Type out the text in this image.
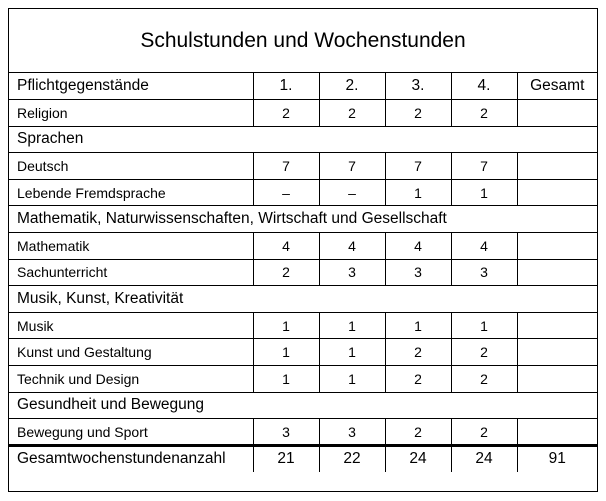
Schulstunden und Wochenstunden
Pflichtgegenstände	1.	2.	3.	4.	Gesamt
Religion	2	2	2	2	
Sprachen					
Deutsch	7	7	7	7	
Lebende Fremdsprache	–	–	1	1	
Mathematik, Naturwissenschaften, Wirtschaft und Gesellschaft					
Mathematik	4	4	4	4	
Sachunterricht	2	3	3	3	
Musik, Kunst, Kreativität					
Musik	1	1	1	1	
Kunst und Gestaltung	1	1	2	2	
Technik und Design	1	1	2	2	
Gesundheit und Bewegung					
Bewegung und Sport	3	3	2	2	
Gesamtwochenstundenanzahl	21	22	24	24	91
